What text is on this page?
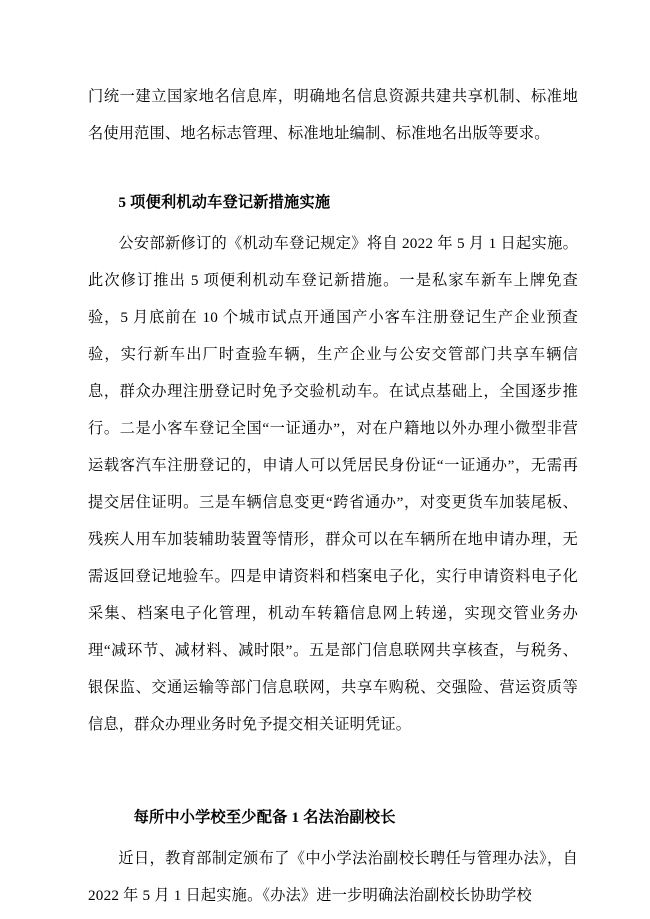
门统一建立国家地名信息库，明确地名信息资源共建共享机制、标准地名使用范围、地名标志管理、标准地址编制、标准地名出版等要求。

5 项便利机动车登记新措施实施

公安部新修订的《机动车登记规定》将自 2022 年 5 月 1 日起实施。此次修订推出 5 项便利机动车登记新措施。一是私家车新车上牌免查验，5 月底前在 10 个城市试点开通国产小客车注册登记生产企业预查验，实行新车出厂时查验车辆，生产企业与公安交管部门共享车辆信息，群众办理注册登记时免予交验机动车。在试点基础上，全国逐步推行。二是小客车登记全国“一证通办”，对在户籍地以外办理小微型非营运载客汽车注册登记的，申请人可以凭居民身份证“一证通办”，无需再提交居住证明。三是车辆信息变更“跨省通办”，对变更货车加装尾板、残疾人用车加装辅助装置等情形，群众可以在车辆所在地申请办理，无需返回登记地验车。四是申请资料和档案电子化，实行申请资料电子化采集、档案电子化管理，机动车转籍信息网上转递，实现交管业务办理“减环节、减材料、减时限”。五是部门信息联网共享核查，与税务、银保监、交通运输等部门信息联网，共享车购税、交强险、营运资质等信息，群众办理业务时免予提交相关证明凭证。

每所中小学校至少配备 1 名法治副校长

近日，教育部制定颁布了《中小学法治副校长聘任与管理办法》，自 2022 年 5 月 1 日起实施。《办法》进一步明确法治副校长协助学校
